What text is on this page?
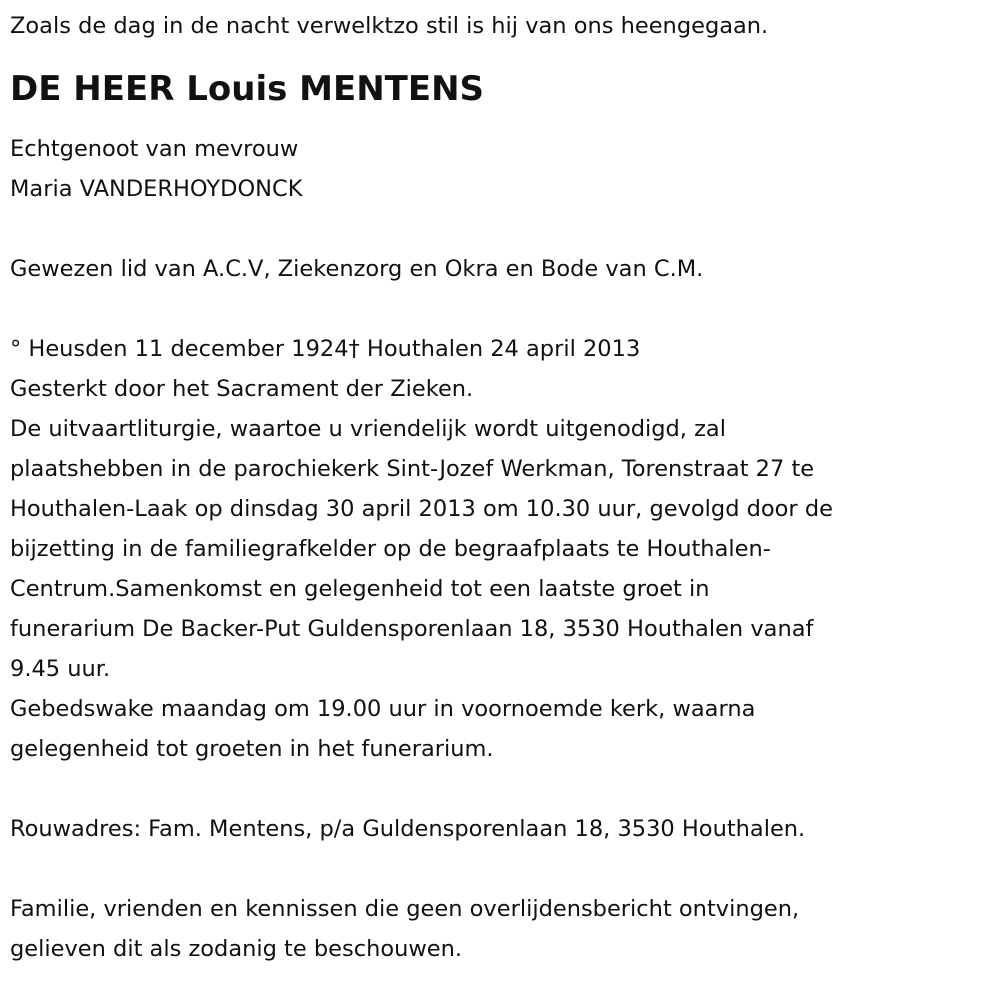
Zoals de dag in de nacht verwelktzo stil is hij van ons heengegaan.
DE HEER Louis MENTENS
Echtgenoot van mevrouw
Maria VANDERHOYDONCK
Gewezen lid van A.C.V, Ziekenzorg en Okra en Bode van C.M.
° Heusden 11 december 1924† Houthalen 24 april 2013
Gesterkt door het Sacrament der Zieken.
De uitvaartliturgie, waartoe u vriendelijk wordt uitgenodigd, zal
plaatshebben in de parochiekerk Sint-Jozef Werkman, Torenstraat 27 te
Houthalen-Laak op dinsdag 30 april 2013 om 10.30 uur, gevolgd door de
bijzetting in de familiegrafkelder op de begraafplaats te Houthalen-
Centrum.Samenkomst en gelegenheid tot een laatste groet in
funerarium De Backer-Put Guldensporenlaan 18, 3530 Houthalen vanaf
9.45 uur.
Gebedswake maandag om 19.00 uur in voornoemde kerk, waarna
gelegenheid tot groeten in het funerarium.
Rouwadres: Fam. Mentens, p/a Guldensporenlaan 18, 3530 Houthalen.
Familie, vrienden en kennissen die geen overlijdensbericht ontvingen,
gelieven dit als zodanig te beschouwen.
